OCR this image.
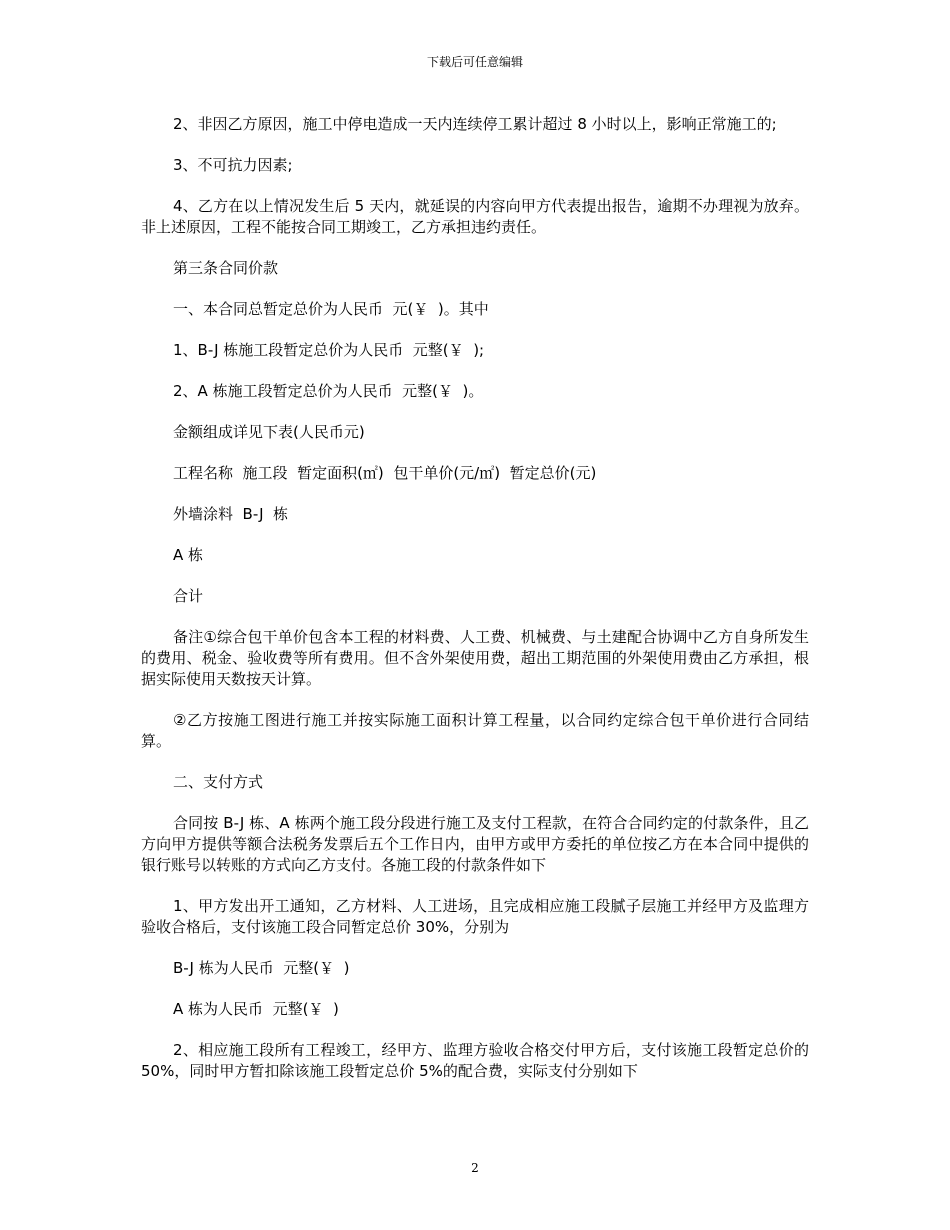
下载后可任意编辑

2、非因乙方原因，施工中停电造成一天内连续停工累计超过 8 小时以上，影响正常施工的;

3、不可抗力因素;

4、乙方在以上情况发生后 5 天内，就延误的内容向甲方代表提出报告，逾期不办理视为放弃。非上述原因，工程不能按合同工期竣工，乙方承担违约责任。

第三条合同价款

一、本合同总暂定总价为人民币  元(￥  )。其中

1、B-J 栋施工段暂定总价为人民币  元整(￥  );

2、A 栋施工段暂定总价为人民币  元整(￥  )。

金额组成详见下表(人民币元)

工程名称  施工段  暂定面积(㎡)  包干单价(元/㎡)  暂定总价(元)

外墙涂料  B-J  栋

A 栋

合计

备注①综合包干单价包含本工程的材料费、人工费、机械费、与土建配合协调中乙方自身所发生的费用、税金、验收费等所有费用。但不含外架使用费，超出工期范围的外架使用费由乙方承担，根据实际使用天数按天计算。

②乙方按施工图进行施工并按实际施工面积计算工程量，以合同约定综合包干单价进行合同结算。

二、支付方式

合同按 B-J 栋、A 栋两个施工段分段进行施工及支付工程款，在符合合同约定的付款条件，且乙方向甲方提供等额合法税务发票后五个工作日内，由甲方或甲方委托的单位按乙方在本合同中提供的银行账号以转账的方式向乙方支付。各施工段的付款条件如下

1、甲方发出开工通知，乙方材料、人工进场，且完成相应施工段腻子层施工并经甲方及监理方验收合格后，支付该施工段合同暂定总价 30%，分别为

B-J 栋为人民币  元整(￥  )

A 栋为人民币  元整(￥  )

2、相应施工段所有工程竣工，经甲方、监理方验收合格交付甲方后，支付该施工段暂定总价的 50%，同时甲方暂扣除该施工段暂定总价 5%的配合费，实际支付分别如下

2
